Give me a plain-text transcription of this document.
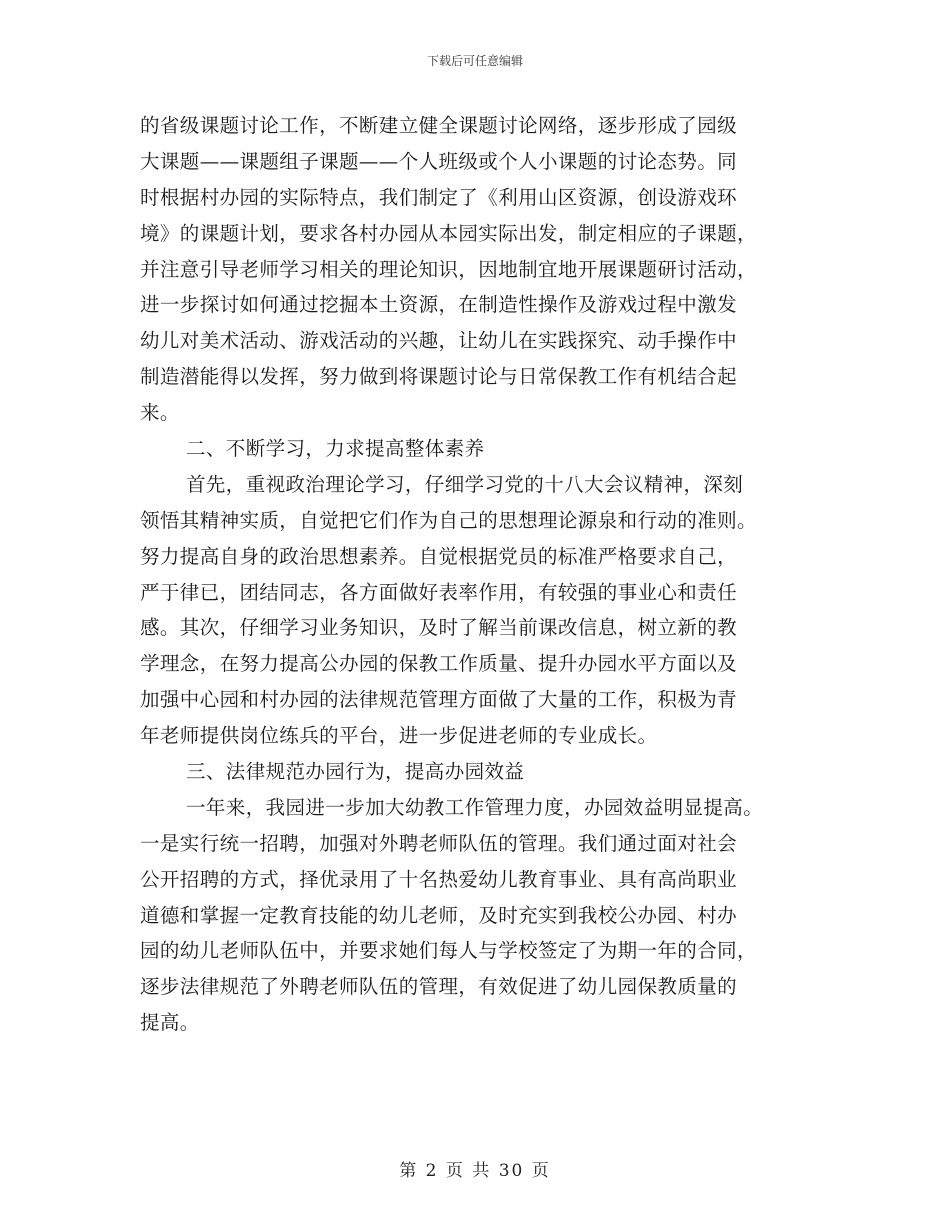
下载后可任意编辑
的省级课题讨论工作，不断建立健全课题讨论网络，逐步形成了园级
大课题——课题组子课题——个人班级或个人小课题的讨论态势。同
时根据村办园的实际特点，我们制定了《利用山区资源，创设游戏环
境》的课题计划，要求各村办园从本园实际出发，制定相应的子课题，
并注意引导老师学习相关的理论知识，因地制宜地开展课题研讨活动，
进一步探讨如何通过挖掘本土资源，在制造性操作及游戏过程中激发
幼儿对美术活动、游戏活动的兴趣，让幼儿在实践探究、动手操作中
制造潜能得以发挥，努力做到将课题讨论与日常保教工作有机结合起
来。
二、不断学习，力求提高整体素养
首先，重视政治理论学习，仔细学习党的十八大会议精神，深刻
领悟其精神实质，自觉把它们作为自己的思想理论源泉和行动的准则。
努力提高自身的政治思想素养。自觉根据党员的标准严格要求自己，
严于律已，团结同志，各方面做好表率作用，有较强的事业心和责任
感。其次，仔细学习业务知识，及时了解当前课改信息，树立新的教
学理念，在努力提高公办园的保教工作质量、提升办园水平方面以及
加强中心园和村办园的法律规范管理方面做了大量的工作，积极为青
年老师提供岗位练兵的平台，进一步促进老师的专业成长。
三、法律规范办园行为，提高办园效益
一年来，我园进一步加大幼教工作管理力度，办园效益明显提高。
一是实行统一招聘，加强对外聘老师队伍的管理。我们通过面对社会
公开招聘的方式，择优录用了十名热爱幼儿教育事业、具有高尚职业
道德和掌握一定教育技能的幼儿老师，及时充实到我校公办园、村办
园的幼儿老师队伍中，并要求她们每人与学校签定了为期一年的合同，
逐步法律规范了外聘老师队伍的管理，有效促进了幼儿园保教质量的
提高。
第 2 页 共 30 页
